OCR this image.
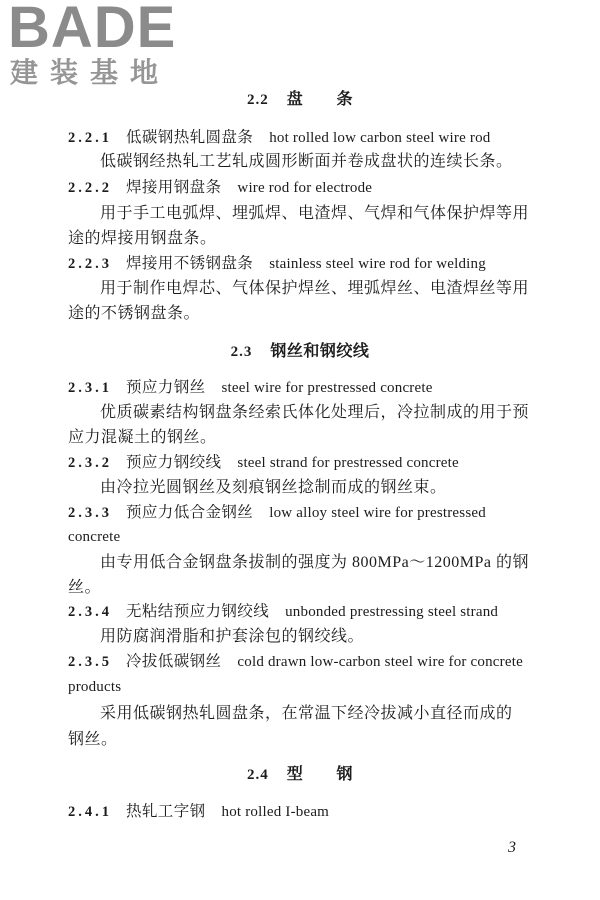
BADE
建装基地
2.2 盘 条
2.2.1 低碳钢热轧圆盘条 hot rolled low carbon steel wire rod
低碳钢经热轧工艺轧成圆形断面并卷成盘状的连续长条。
2.2.2 焊接用钢盘条 wire rod for electrode
用于手工电弧焊、埋弧焊、电渣焊、气焊和气体保护焊等用
途的焊接用钢盘条。
2.2.3 焊接用不锈钢盘条 stainless steel wire rod for welding
用于制作电焊芯、气体保护焊丝、埋弧焊丝、电渣焊丝等用
途的不锈钢盘条。
2.3 钢丝和钢绞线
2.3.1 预应力钢丝 steel wire for prestressed concrete
优质碳素结构钢盘条经索氏体化处理后，冷拉制成的用于预
应力混凝土的钢丝。
2.3.2 预应力钢绞线 steel strand for prestressed concrete
由冷拉光圆钢丝及刻痕钢丝捻制而成的钢丝束。
2.3.3 预应力低合金钢丝 low alloy steel wire for prestressed
concrete
由专用低合金钢盘条拔制的强度为 800MPa～1200MPa 的钢
丝。
2.3.4 无粘结预应力钢绞线 unbonded prestressing steel strand
用防腐润滑脂和护套涂包的钢绞线。
2.3.5 冷拔低碳钢丝 cold drawn low-carbon steel wire for concrete
products
采用低碳钢热轧圆盘条，在常温下经冷拔减小直径而成的
钢丝。
2.4 型 钢
2.4.1 热轧工字钢 hot rolled I-beam
3
